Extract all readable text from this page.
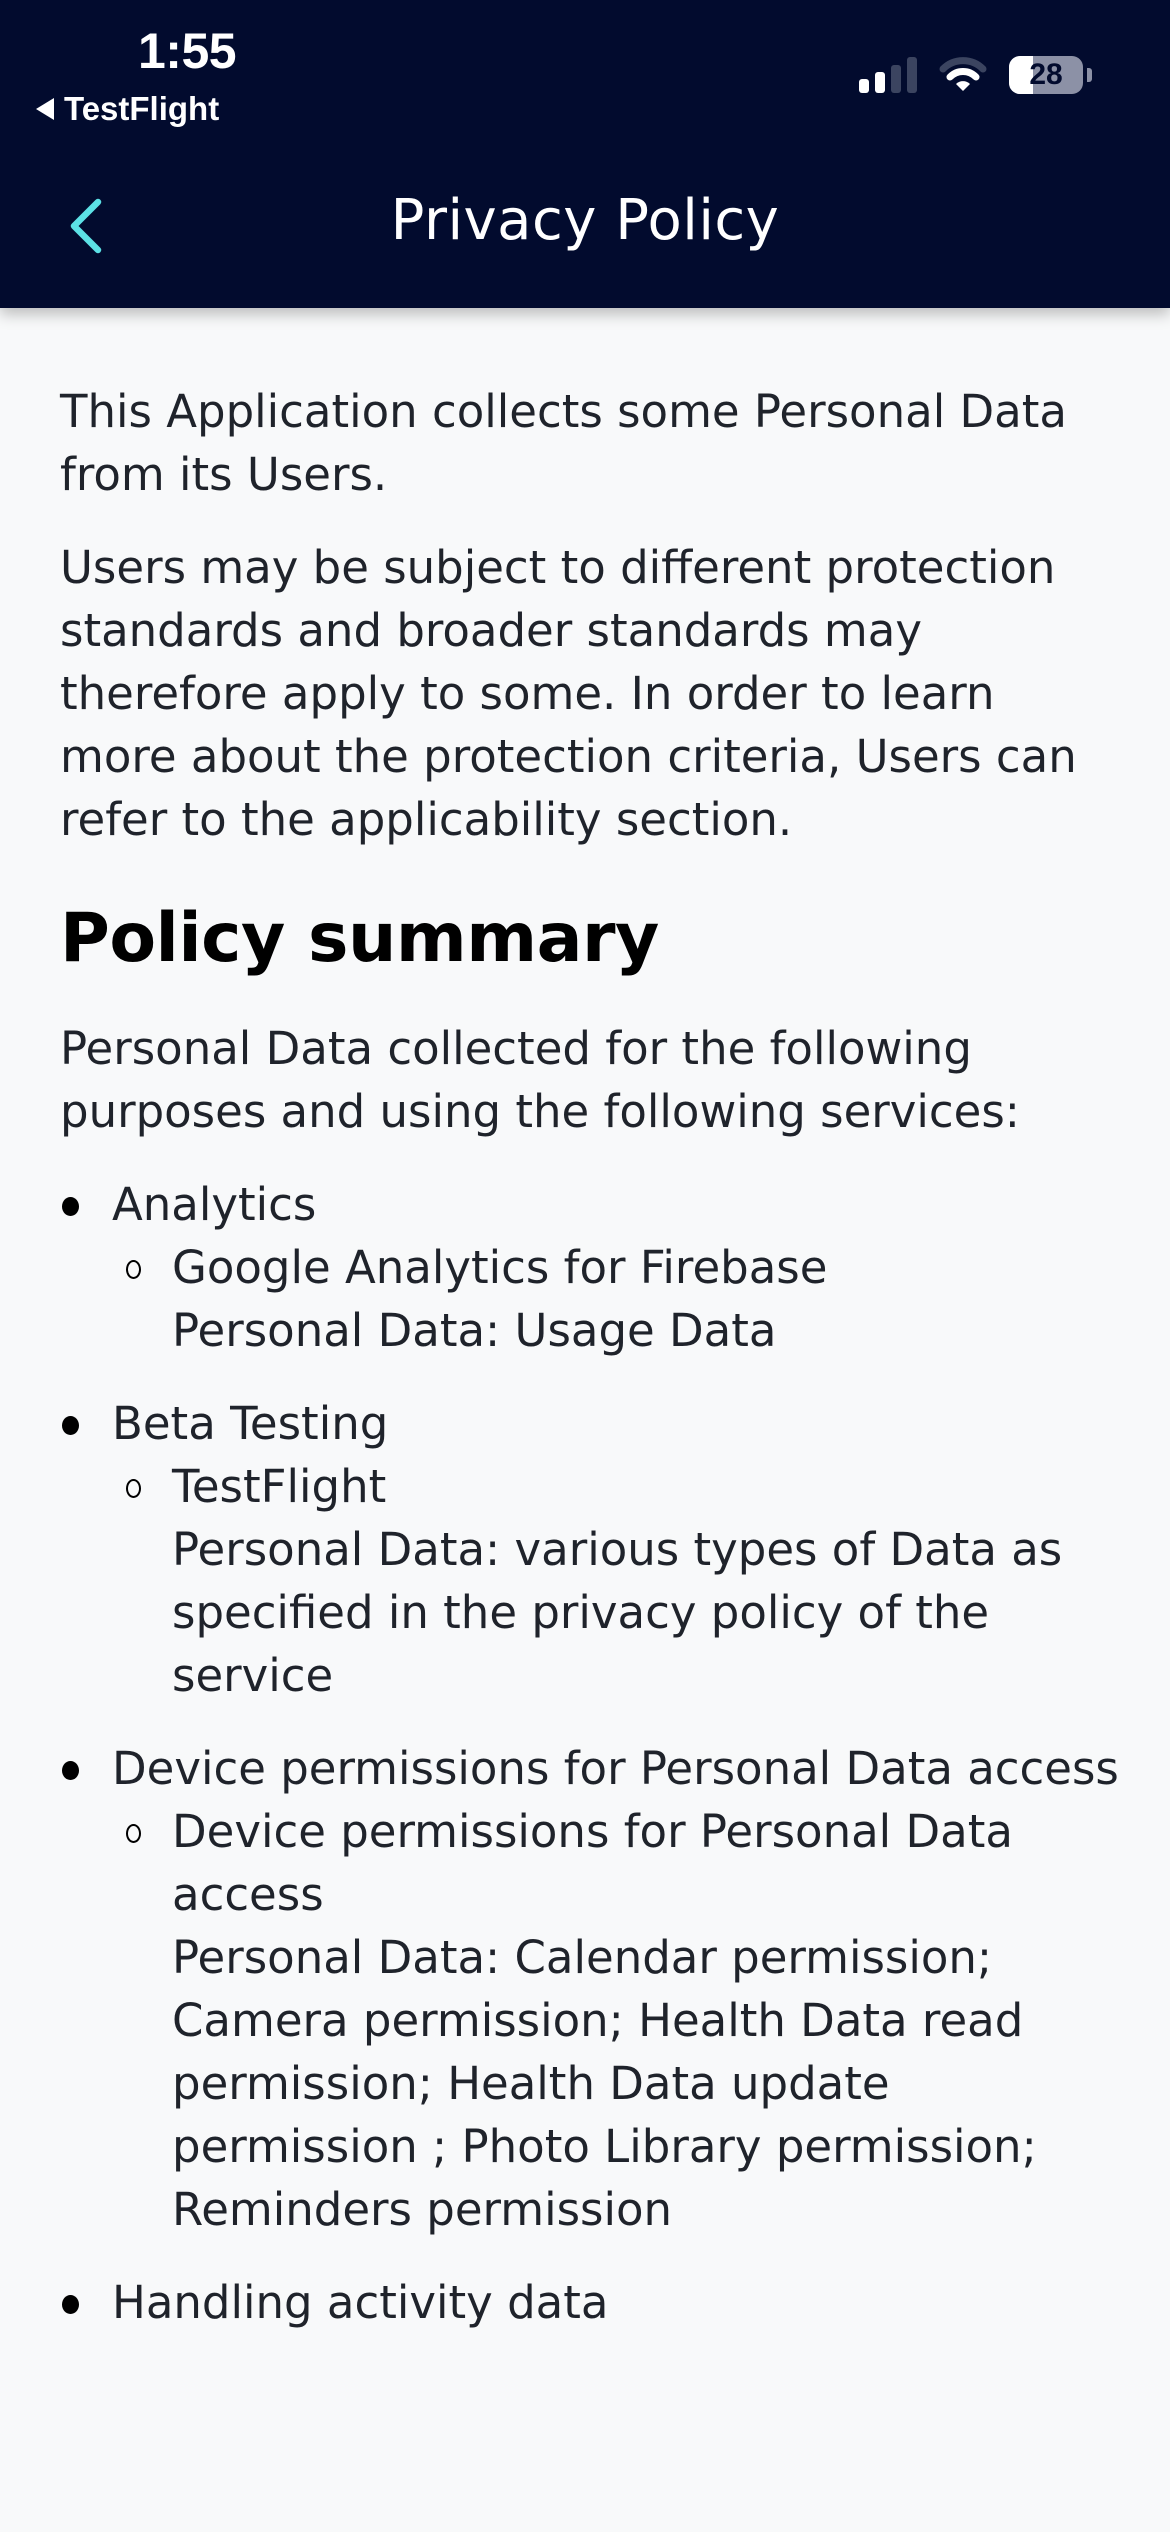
1:55
TestFlight
28
Privacy Policy

This Application collects some Personal Data from its Users.

Users may be subject to different protection standards and broader standards may therefore apply to some. In order to learn more about the protection criteria, Users can refer to the applicability section.

Policy summary

Personal Data collected for the following purposes and using the following services:

Analytics
Google Analytics for Firebase
Personal Data: Usage Data
Beta Testing
TestFlight
Personal Data: various types of Data as specified in the privacy policy of the service
Device permissions for Personal Data access
Device permissions for Personal Data access
Personal Data: Calendar permission; Camera permission; Health Data read permission; Health Data update permission ; Photo Library permission; Reminders permission
Handling activity data
